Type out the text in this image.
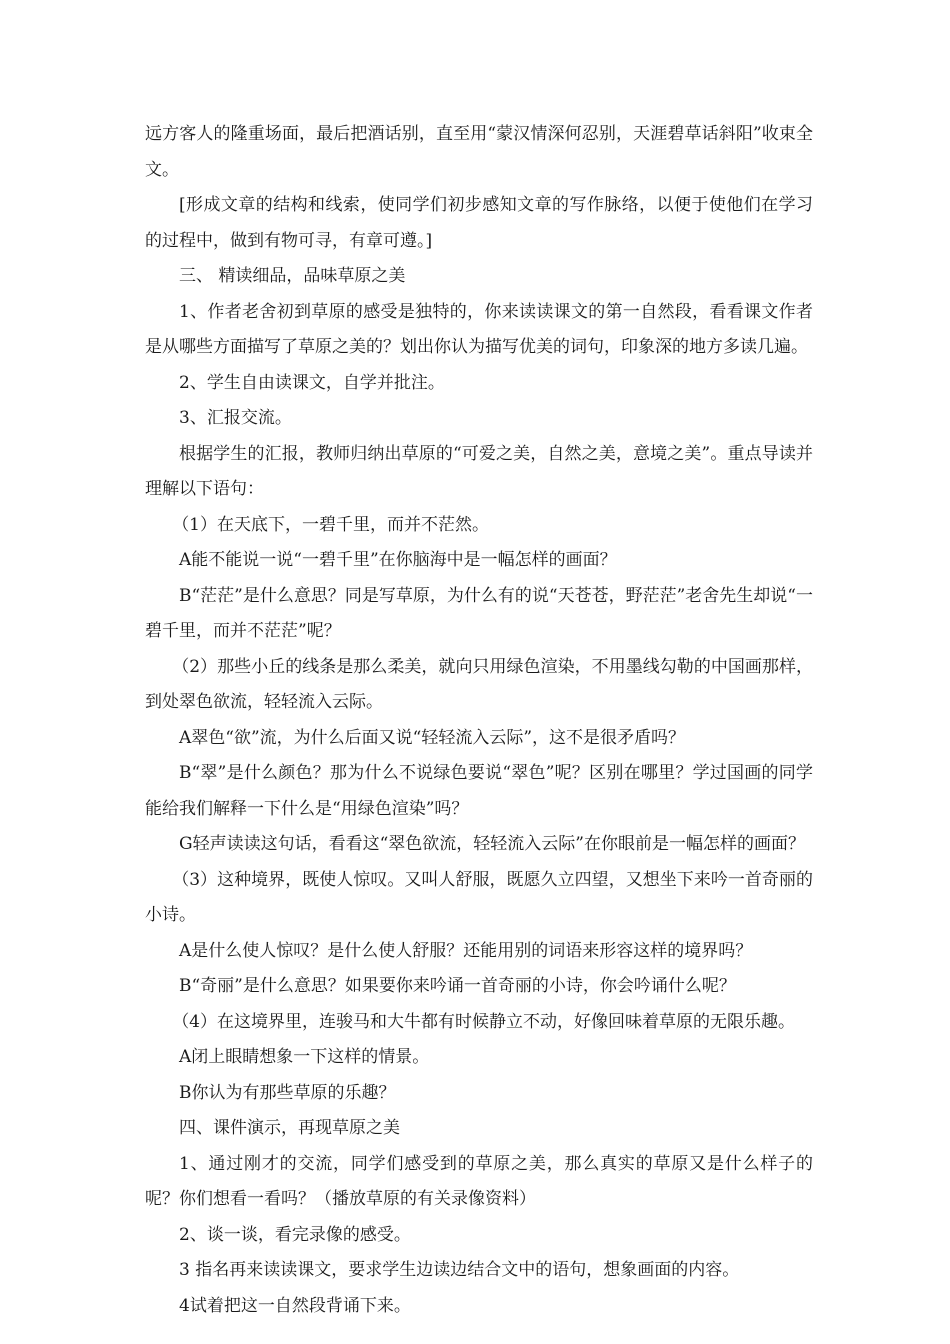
远方客人的隆重场面，最后把酒话别，直至用“蒙汉情深何忍别，天涯碧草话斜阳”收束全文。

[形成文章的结构和线索，使同学们初步感知文章的写作脉络，以便于使他们在学习的过程中，做到有物可寻，有章可遵。]

三、 精读细品，品味草原之美

1、作者老舍初到草原的感受是独特的，你来读读课文的第一自然段，看看课文作者是从哪些方面描写了草原之美的？划出你认为描写优美的词句，印象深的地方多读几遍。

2、学生自由读课文，自学并批注。

3、汇报交流。

根据学生的汇报，教师归纳出草原的“可爱之美，自然之美，意境之美”。重点导读并理解以下语句：

（1）在天底下，一碧千里，而并不茫然。

A能不能说一说“一碧千里”在你脑海中是一幅怎样的画面？

B“茫茫”是什么意思？同是写草原，为什么有的说“天苍苍，野茫茫”老舍先生却说“一碧千里，而并不茫茫”呢？

（2）那些小丘的线条是那么柔美，就向只用绿色渲染，不用墨线勾勒的中国画那样，到处翠色欲流，轻轻流入云际。

A翠色“欲”流，为什么后面又说“轻轻流入云际”，这不是很矛盾吗？

B“翠”是什么颜色？那为什么不说绿色要说“翠色”呢？区别在哪里？学过国画的同学能给我们解释一下什么是“用绿色渲染”吗？

G轻声读读这句话，看看这“翠色欲流，轻轻流入云际”在你眼前是一幅怎样的画面？

（3）这种境界，既使人惊叹。又叫人舒服，既愿久立四望，又想坐下来吟一首奇丽的小诗。

A是什么使人惊叹？是什么使人舒服？还能用别的词语来形容这样的境界吗？

B“奇丽”是什么意思？如果要你来吟诵一首奇丽的小诗，你会吟诵什么呢？

（4）在这境界里，连骏马和大牛都有时候静立不动，好像回味着草原的无限乐趣。

A闭上眼睛想象一下这样的情景。

B你认为有那些草原的乐趣？

四、课件演示，再现草原之美

1、通过刚才的交流，同学们感受到的草原之美，那么真实的草原又是什么样子的呢？你们想看一看吗？（播放草原的有关录像资料）

2、谈一谈，看完录像的感受。

3 指名再来读读课文，要求学生边读边结合文中的语句，想象画面的内容。

4试着把这一自然段背诵下来。
